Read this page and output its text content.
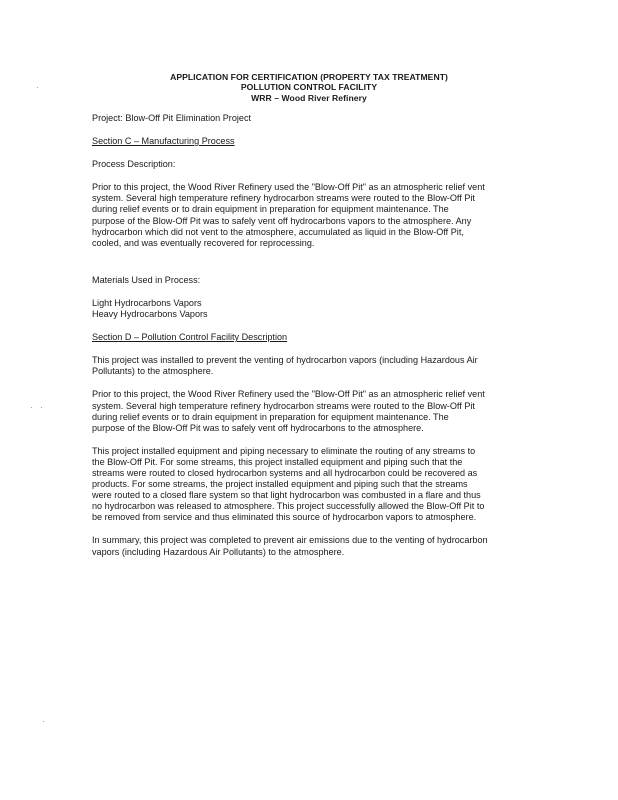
APPLICATION FOR CERTIFICATION (PROPERTY TAX TREATMENT)
POLLUTION CONTROL FACILITY
WRR – Wood River Refinery

Project: Blow-Off Pit Elimination Project

Section C – Manufacturing Process

Process Description:

Prior to this project, the Wood River Refinery used the "Blow-Off Pit" as an atmospheric relief vent
system. Several high temperature refinery hydrocarbon streams were routed to the Blow-Off Pit
during relief events or to drain equipment in preparation for equipment maintenance. The
purpose of the Blow-Off Pit was to safely vent off hydrocarbons vapors to the atmosphere. Any
hydrocarbon which did not vent to the atmosphere, accumulated as liquid in the Blow-Off Pit,
cooled, and was eventually recovered for reprocessing.

Materials Used in Process:

Light Hydrocarbons Vapors
Heavy Hydrocarbons Vapors

Section D – Pollution Control Facility Description

This project was installed to prevent the venting of hydrocarbon vapors (including Hazardous Air
Pollutants) to the atmosphere.

Prior to this project, the Wood River Refinery used the "Blow-Off Pit" as an atmospheric relief vent
system. Several high temperature refinery hydrocarbon streams were routed to the Blow-Off Pit
during relief events or to drain equipment in preparation for equipment maintenance. The
purpose of the Blow-Off Pit was to safely vent off hydrocarbons to the atmosphere.

This project installed equipment and piping necessary to eliminate the routing of any streams to
the Blow-Off Pit. For some streams, this project installed equipment and piping such that the
streams were routed to closed hydrocarbon systems and all hydrocarbon could be recovered as
products. For some streams, the project installed equipment and piping such that the streams
were routed to a closed flare system so that light hydrocarbon was combusted in a flare and thus
no hydrocarbon was released to atmosphere. This project successfully allowed the Blow-Off Pit to
be removed from service and thus eliminated this source of hydrocarbon vapors to atmosphere.

In summary, this project was completed to prevent air emissions due to the venting of hydrocarbon
vapors (including Hazardous Air Pollutants) to the atmosphere.

·
· ·
·
